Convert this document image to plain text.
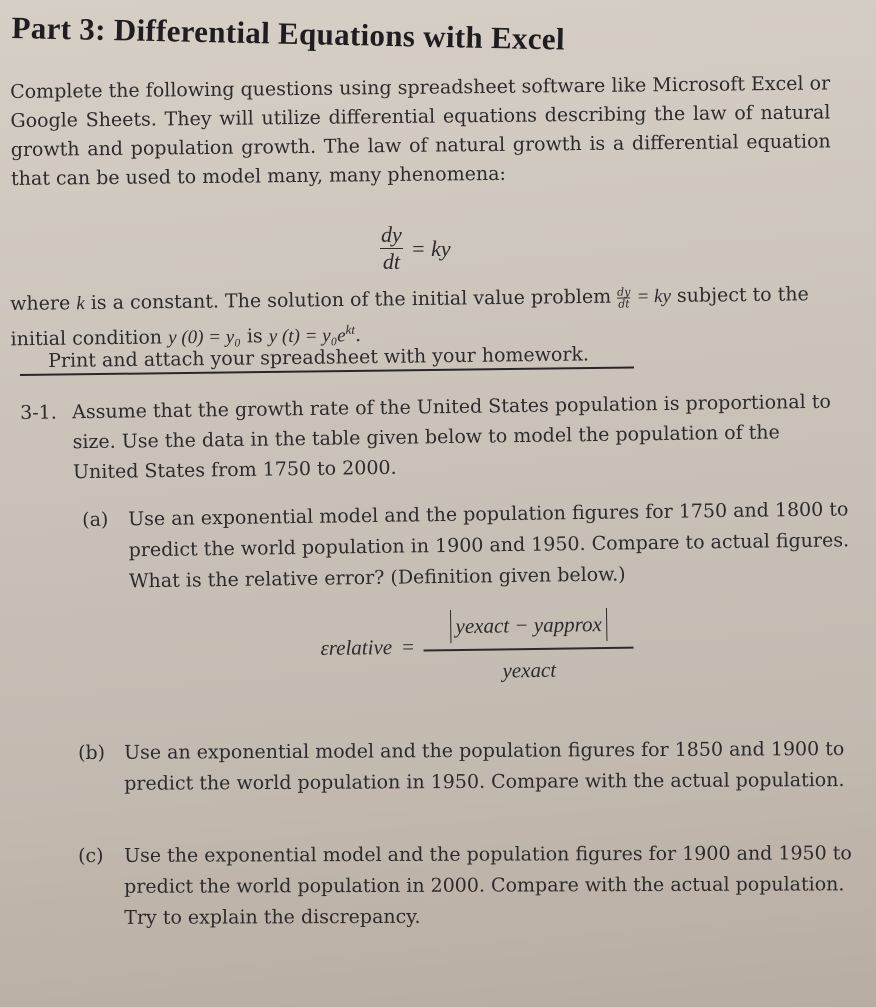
Part 3: Differential Equations with Excel

Complete the following questions using spreadsheet software like Microsoft Excel or Google Sheets. They will utilize differential equations describing the law of natural growth and population growth. The law of natural growth is a differential equation that can be used to model many, many phenomena:

$\frac{dy}{dt}$ = ky

where k is a constant. The solution of the initial value problem $\frac{dy}{dt}$ = ky subject to the initial condition y (0) = y₀ is y $(t) = y_0e^{kt}$.

Print and attach your spreadsheet with your homework.
3-1. Assume that the growth rate of the United States population is proportional to size. Use the data in the table given below to model the population of the United States from 1750 to 2000.
(a) Use an exponential model and the population figures for 1750 and 1800 to predict the world population in 1900 and 1950. Compare to actual figures. What is the relative error? (Definition given below.)
εrelative =
yexact − yapprox
yexact
(b) Use an exponential model and the population figures for 1850 and 1900 to predict the world population in 1950. Compare with the actual population.
(c) Use the exponential model and the population figures for 1900 and 1950 to predict the world population in 2000. Compare with the actual population. Try to explain the discrepancy.
